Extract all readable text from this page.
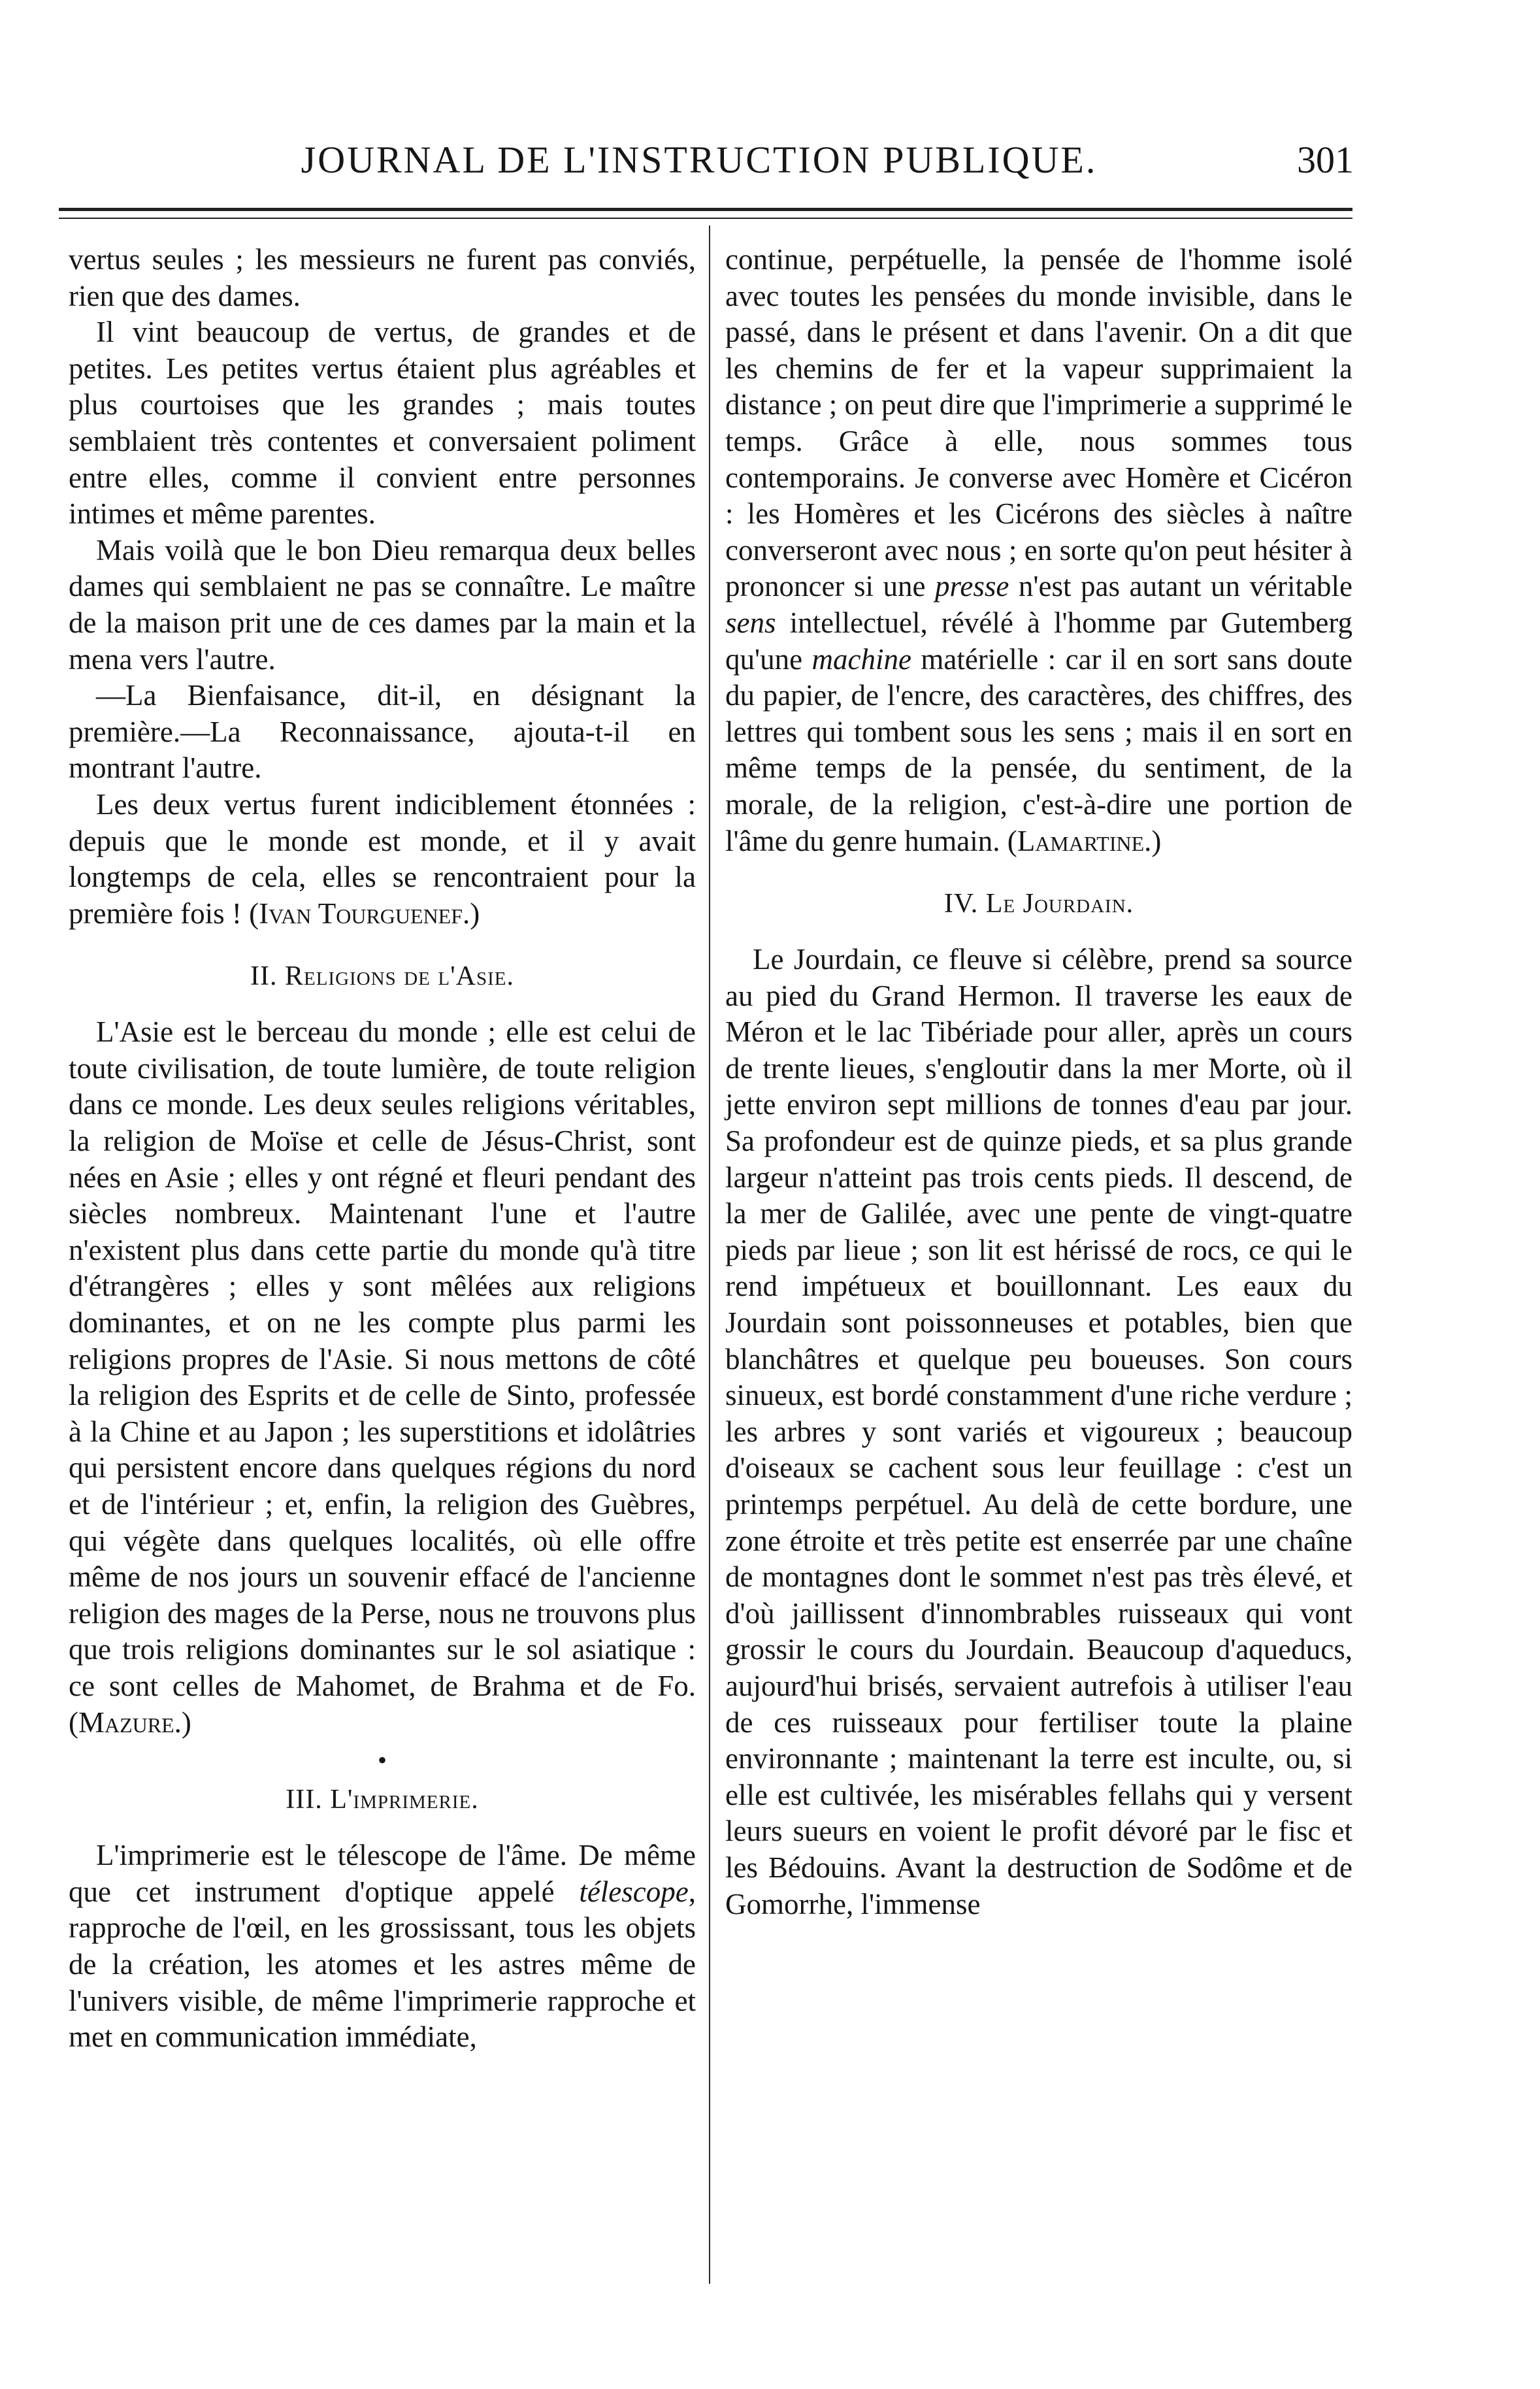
JOURNAL DE L'INSTRUCTION PUBLIQUE.	301

vertus seules ; les messieurs ne furent pas conviés, rien que des dames.

Il vint beaucoup de vertus, de grandes et de petites. Les petites vertus étaient plus agréables et plus courtoises que les grandes ; mais toutes semblaient très contentes et conversaient poliment entre elles, comme il convient entre personnes intimes et même parentes.

Mais voilà que le bon Dieu remarqua deux belles dames qui semblaient ne pas se connaître. Le maître de la maison prit une de ces dames par la main et la mena vers l'autre.

—La Bienfaisance, dit-il, en désignant la première.—La Reconnaissance, ajouta-t-il en montrant l'autre.

Les deux vertus furent indiciblement étonnées : depuis que le monde est monde, et il y avait longtemps de cela, elles se rencontraient pour la première fois ! (Ivan Tourguenef.)

II. Religions de l'Asie.

L'Asie est le berceau du monde ; elle est celui de toute civilisation, de toute lumière, de toute religion dans ce monde. Les deux seules religions véritables, la religion de Moïse et celle de Jésus-Christ, sont nées en Asie ; elles y ont régné et fleuri pendant des siècles nombreux. Maintenant l'une et l'autre n'existent plus dans cette partie du monde qu'à titre d'étrangères ; elles y sont mêlées aux religions dominantes, et on ne les compte plus parmi les religions propres de l'Asie. Si nous mettons de côté la religion des Esprits et de celle de Sinto, professée à la Chine et au Japon ; les superstitions et idolâtries qui persistent encore dans quelques régions du nord et de l'intérieur ; et, enfin, la religion des Guèbres, qui végète dans quelques localités, où elle offre même de nos jours un souvenir effacé de l'ancienne religion des mages de la Perse, nous ne trouvons plus que trois religions dominantes sur le sol asiatique : ce sont celles de Mahomet, de Brahma et de Fo. (Mazure.)

•
III. L'imprimerie.

L'imprimerie est le télescope de l'âme. De même que cet instrument d'optique appelé télescope, rapproche de l'œil, en les grossissant, tous les objets de la création, les atomes et les astres même de l'univers visible, de même l'imprimerie rapproche et met en communication immédiate,

continue, perpétuelle, la pensée de l'homme isolé avec toutes les pensées du monde invisible, dans le passé, dans le présent et dans l'avenir. On a dit que les chemins de fer et la vapeur supprimaient la distance ; on peut dire que l'imprimerie a supprimé le temps. Grâce à elle, nous sommes tous contemporains. Je converse avec Homère et Cicéron : les Homères et les Cicérons des siècles à naître converseront avec nous ; en sorte qu'on peut hésiter à prononcer si une presse n'est pas autant un véritable sens intellectuel, révélé à l'homme par Gutemberg qu'une machine matérielle : car il en sort sans doute du papier, de l'encre, des caractères, des chiffres, des lettres qui tombent sous les sens ; mais il en sort en même temps de la pensée, du sentiment, de la morale, de la religion, c'est-à-dire une portion de l'âme du genre humain. (Lamartine.)

IV. Le Jourdain.

Le Jourdain, ce fleuve si célèbre, prend sa source au pied du Grand Hermon. Il traverse les eaux de Méron et le lac Tibériade pour aller, après un cours de trente lieues, s'engloutir dans la mer Morte, où il jette environ sept millions de tonnes d'eau par jour. Sa profondeur est de quinze pieds, et sa plus grande largeur n'atteint pas trois cents pieds. Il descend, de la mer de Galilée, avec une pente de vingt-quatre pieds par lieue ; son lit est hérissé de rocs, ce qui le rend impétueux et bouillonnant. Les eaux du Jourdain sont poissonneuses et potables, bien que blanchâtres et quelque peu boueuses. Son cours sinueux, est bordé constamment d'une riche verdure ; les arbres y sont variés et vigoureux ; beaucoup d'oiseaux se cachent sous leur feuillage : c'est un printemps perpétuel. Au delà de cette bordure, une zone étroite et très petite est enserrée par une chaîne de montagnes dont le sommet n'est pas très élevé, et d'où jaillissent d'innombrables ruisseaux qui vont grossir le cours du Jourdain. Beaucoup d'aqueducs, aujourd'hui brisés, servaient autrefois à utiliser l'eau de ces ruisseaux pour fertiliser toute la plaine environnante ; maintenant la terre est inculte, ou, si elle est cultivée, les misérables fellahs qui y versent leurs sueurs en voient le profit dévoré par le fisc et les Bédouins. Avant la destruction de Sodôme et de Gomorrhe, l'immense
